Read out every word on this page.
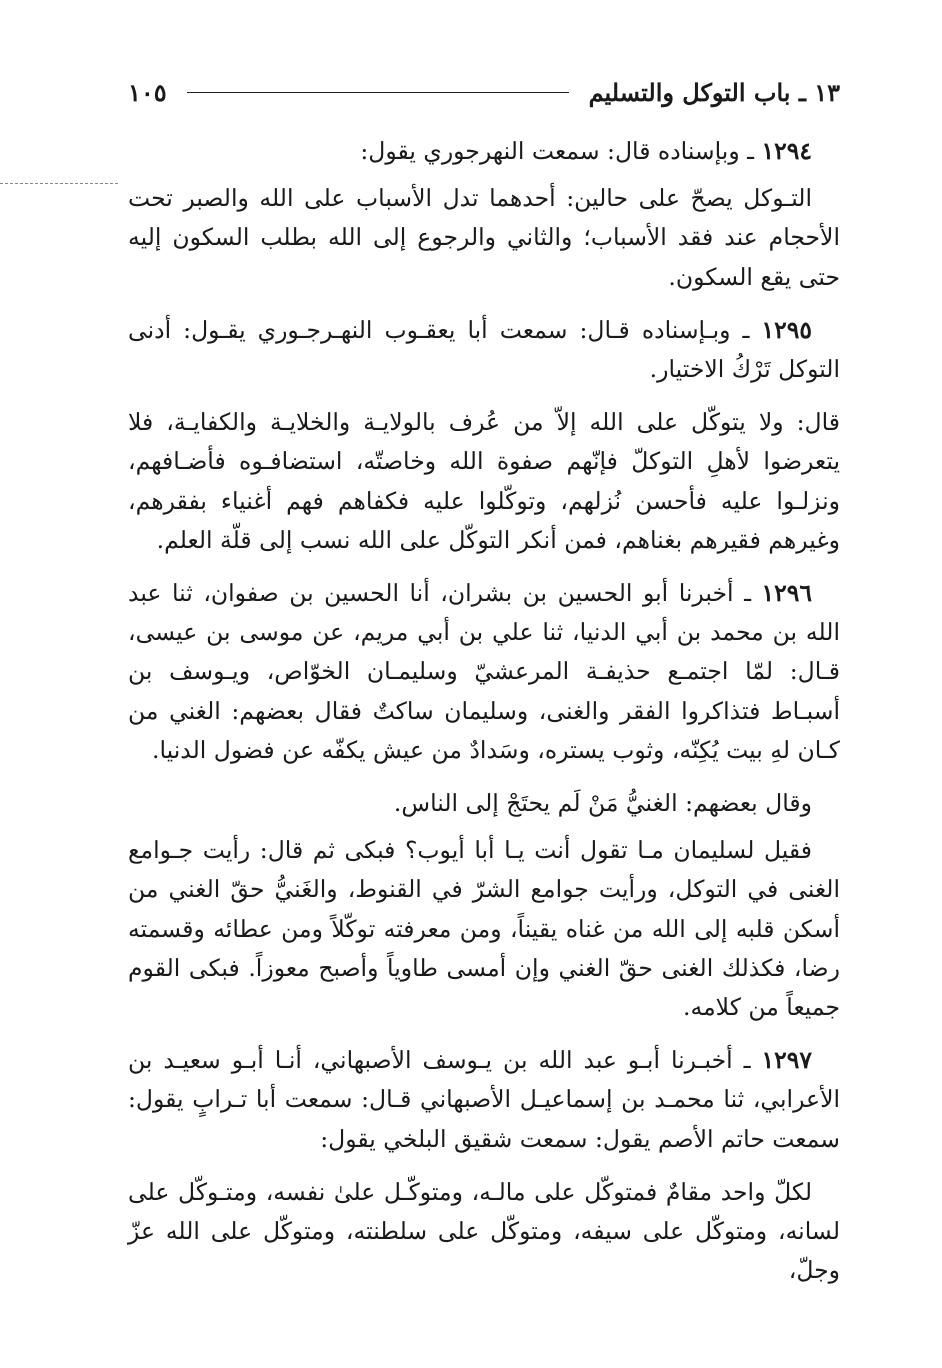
١٣ ـ باب التوكل والتسليم
١٠٥

١٢٩٤ ـ وبإسناده قال: سمعت النهرجوري يقول:

التـوكل يصحّ على حالين: أحدهما تدل الأسباب على الله والصبر تحت الأحجام عند فقد الأسباب؛ والثاني والرجوع إلى الله بطلب السكون إليه حتى يقع السكون.

١٢٩٥ ـ وبـإسناده قـال: سمعت أبا يعقـوب النهـرجـوري يقـول: أدنى التوكل تَرْكُ الاختيار.

قال: ولا يتوكّل على الله إلاّ من عُرف بالولايـة والخلايـة والكفايـة، فلا يتعرضوا لأهلِ التوكلّ فإنّهم صفوة الله وخاصتّه، استضافـوه فأضـافهم، ونزلـوا عليه فأحسن نُزلهم، وتوكّلوا عليه فكفاهم فهم أغنياء بفقرهم، وغيرهم فقيرهم بغناهم، فمن أنكر التوكّل على الله نسب إلى قلّة العلم.

١٢٩٦ ـ أخبرنا أبو الحسين بن بشران، أنا الحسين بن صفوان، ثنا عبد الله بن محمد بن أبي الدنيا، ثنا علي بن أبي مريم، عن موسى بن عيسى، قـال: لمّا اجتمـع حذيفـة المرعشيّ وسليمـان الخوّاص، ويـوسف بن أسبـاط فتذاكروا الفقر والغنى، وسليمان ساكتٌ فقال بعضهم: الغني من كـان لهِ بيت يُكِنّه، وثوب يستره، وسَدادٌ من عيش يكفّه عن فضول الدنيا.

وقال بعضهم: الغنيُّ مَنْ لَم يحتَجْ إلى الناس.

فقيل لسليمان مـا تقول أنت يـا أبا أيوب؟ فبكى ثم قال: رأيت جـوامع الغنى في التوكل، ورأيت جوامع الشرّ في القنوط، والغَنيُّ حقّ الغني من أسكن قلبه إلى الله من غناه يقيناً، ومن معرفته توكّلاً ومن عطائه وقسمته رضا، فكذلك الغنى حقّ الغني وإن أمسى طاوياً وأصبح معوزاً. فبكى القوم جميعاً من كلامه.

١٢٩٧ ـ أخبـرنا أبـو عبد الله بن يـوسف الأصبهاني، أنـا أبـو سعيـد بن الأعرابي، ثنا محمـد بن إسماعيـل الأصبهاني قـال: سمعت أبا تـرابٍ يقول: سمعت حاتم الأصم يقول: سمعت شقيق البلخي يقول:

لكلّ واحد مقامٌ فمتوكّل على مالـه، ومتوكّـل علىٰ نفسه، ومتـوكّل على لسانه، ومتوكّل على سيفه، ومتوكّل على سلطنته، ومتوكّل على الله عزّ وجلّ،
